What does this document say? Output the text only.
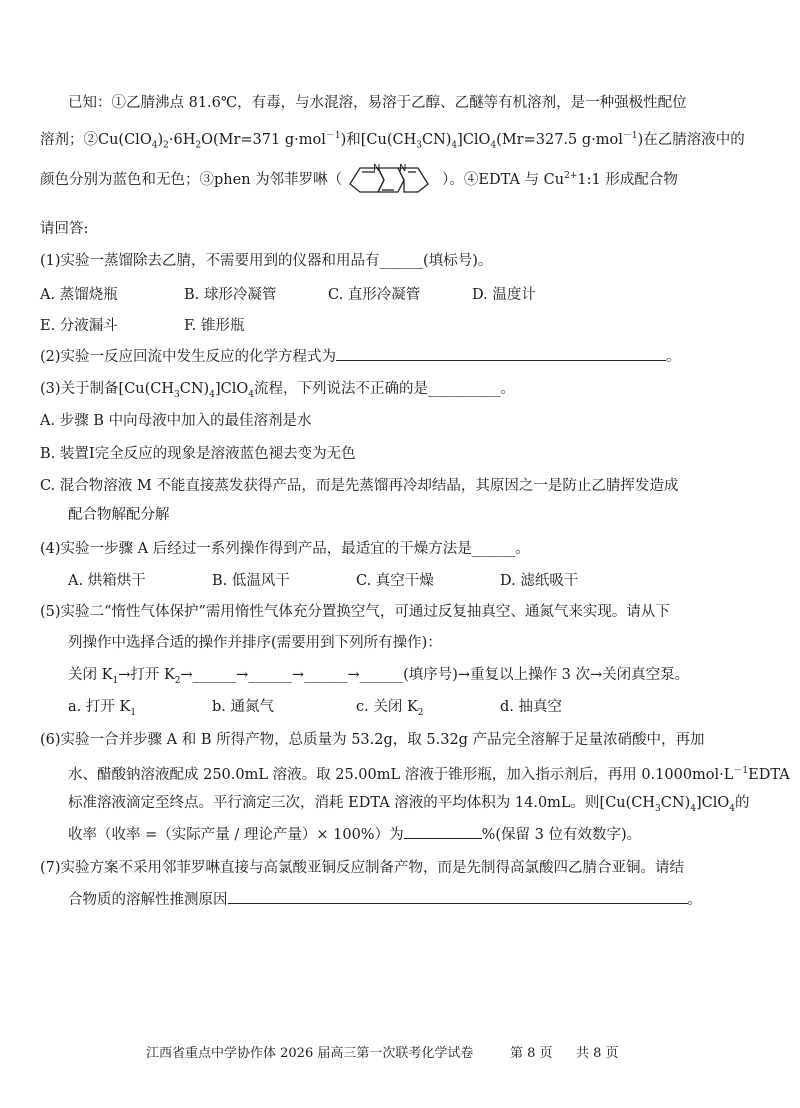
已知：①乙腈沸点 81.6℃，有毒，与水混溶，易溶于乙醇、乙醚等有机溶剂，是一种强极性配位
溶剂；$②Cu(ClO_4)_2\cdot 6H_2O(Mr=371$ g·mol$^{-1}$)和$[Cu(CH_3CN)_4]ClO_4(Mr=327.5$ g·mol$^{-1}$)在乙腈溶液中的
颜色分别为蓝色和无色；③phen 为邻菲罗啉（
N N
）。④EDTA 与 $Cu^{2+}1:1$ 形成配合物
请回答:
(1)实验一蒸馏除去乙腈，不需要用到的仪器和用品有______(填标号)。
A. 蒸馏烧瓶	B. 球形冷凝管	C. 直形冷凝管	D. 温度计
E. 分液漏斗	F. 锥形瓶
(2)实验一反应回流中发生反应的化学方程式为	。
(3)关于制备$[Cu(CH_3CN)_4]ClO_4$流程，下列说法不正确的是__________。
A. 步骤 B 中向母液中加入的最佳溶剂是水
B. 装置Ⅰ完全反应的现象是溶液蓝色褪去变为无色
C. 混合物溶液 M 不能直接蒸发获得产品，而是先蒸馏再冷却结晶，其原因之一是防止乙腈挥发造成
配合物解配分解
(4)实验一步骤 A 后经过一系列操作得到产品，最适宜的干燥方法是______。
A. 烘箱烘干	B. 低温风干	C. 真空干燥	D. 滤纸吸干
(5)实验二“惰性气体保护”需用惰性气体充分置换空气，可通过反复抽真空、通氮气来实现。请从下
列操作中选择合适的操作并排序(需要用到下列所有操作)：
关闭 $K_1\to$打开 $K_2\to\_\_\_\_\_\_\to\_\_\_\_\_\_\to\_\_\_\_\_\_\to\_\_\_\_\_\_$(填序号)→重复以上操作 3 次→关闭真空泵。
a. 打开 $K_1$	b. 通氮气	c. 关闭 $K_2$	d. 抽真空
(6)实验一合并步骤 A 和 B 所得产物，总质量为 53.2g，取 5.32g 产品完全溶解于足量浓硝酸中，再加
水、醋酸钠溶液配成 250.0mL 溶液。取 25.00mL 溶液于锥形瓶，加入指示剂后，再用 $0.1000mol\cdot L^{-1}EDTA$
标准溶液滴定至终点。平行滴定三次，消耗 EDTA 溶液的平均体积为 14.0mL。则$[Cu(CH_3CN)_4]ClO_4$的
收率（收率 =（实际产量 / 理论产量）× 100%）为	%(保留 3 位有效数字)。
(7)实验方案不采用邻菲罗啉直接与高氯酸亚铜反应制备产物，而是先制得高氯酸四乙腈合亚铜。请结
合物质的溶解性推测原因	。
江西省重点中学协作体 2026 届高三第一次联考化学试卷	第 8 页 共 8 页
